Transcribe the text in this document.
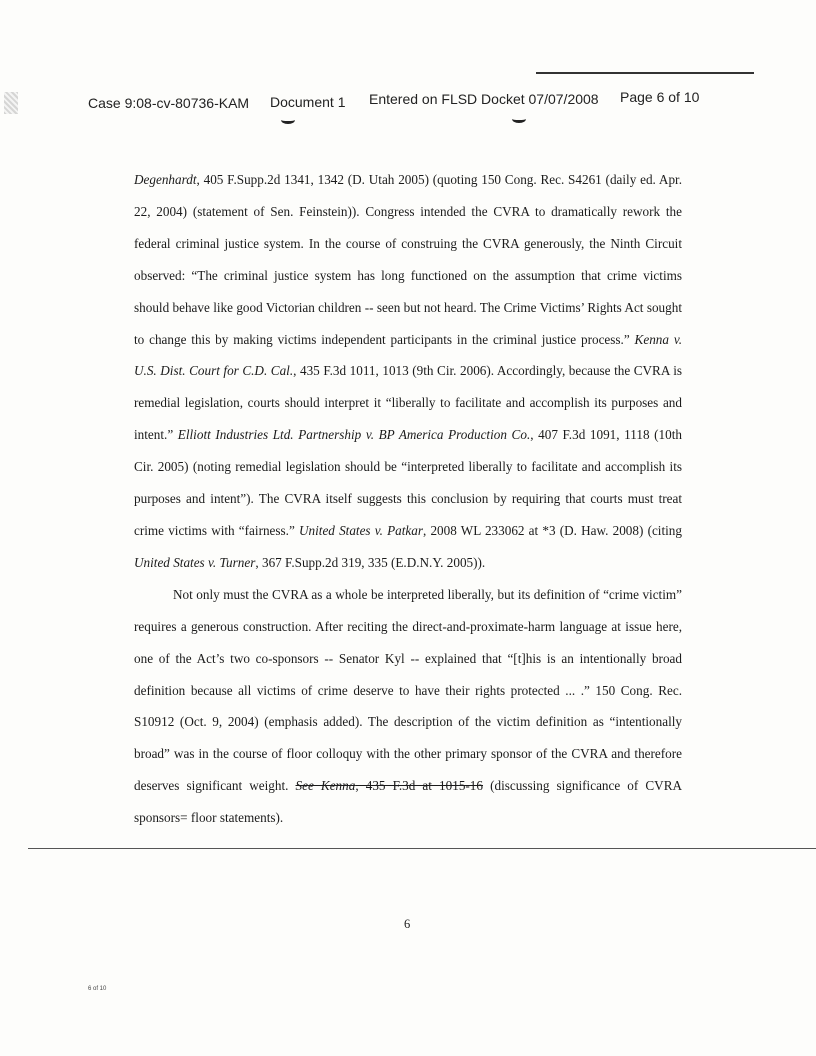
Case 9:08-cv-80736-KAM Document 1 Entered on FLSD Docket 07/07/2008 Page 6 of 10

Degenhardt, 405 F.Supp.2d 1341, 1342 (D. Utah 2005) (quoting 150 Cong. Rec. S4261 (daily ed. Apr. 22, 2004) (statement of Sen. Feinstein)). Congress intended the CVRA to dramatically rework the federal criminal justice system. In the course of construing the CVRA generously, the Ninth Circuit observed: “The criminal justice system has long functioned on the assumption that crime victims should behave like good Victorian children -- seen but not heard. The Crime Victims’ Rights Act sought to change this by making victims independent participants in the criminal justice process.” Kenna v. U.S. Dist. Court for C.D. Cal., 435 F.3d 1011, 1013 (9th Cir. 2006). Accordingly, because the CVRA is remedial legislation, courts should interpret it “liberally to facilitate and accomplish its purposes and intent.” Elliott Industries Ltd. Partnership v. BP America Production Co., 407 F.3d 1091, 1118 (10th Cir. 2005) (noting remedial legislation should be “interpreted liberally to facilitate and accomplish its purposes and intent”). The CVRA itself suggests this conclusion by requiring that courts must treat crime victims with “fairness.” United States v. Patkar, 2008 WL 233062 at *3 (D. Haw. 2008) (citing United States v. Turner, 367 F.Supp.2d 319, 335 (E.D.N.Y. 2005)).

Not only must the CVRA as a whole be interpreted liberally, but its definition of “crime victim” requires a generous construction. After reciting the direct-and-proximate-harm language at issue here, one of the Act’s two co-sponsors -- Senator Kyl -- explained that “[t]his is an intentionally broad definition because all victims of crime deserve to have their rights protected ... .” 150 Cong. Rec. S10912 (Oct. 9, 2004) (emphasis added). The description of the victim definition as “intentionally broad” was in the course of floor colloquy with the other primary sponsor of the CVRA and therefore deserves significant weight. See Kenna, 435 F.3d at 1015-16 (discussing significance of CVRA sponsors= floor statements).

6
6 of 10
